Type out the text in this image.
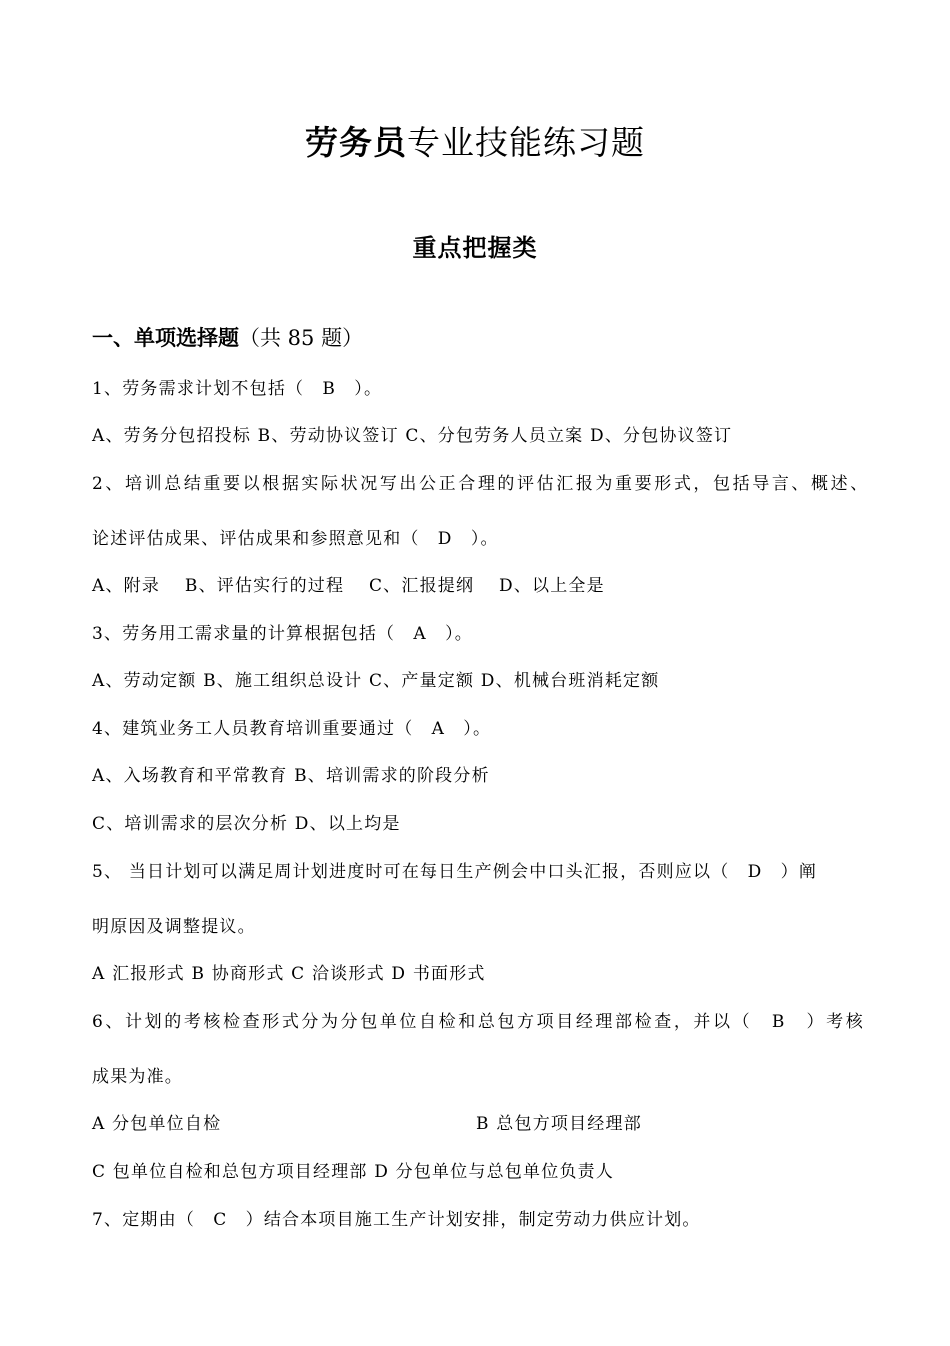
劳务员专业技能练习题
重点把握类
一、单项选择题（共 85 题）
1、劳务需求计划不包括（　B　）。
A、劳务分包招投标 B、劳动协议签订 C、分包劳务人员立案 D、分包协议签订
2、培训总结重要以根据实际状况写出公正合理的评估汇报为重要形式，包括导言、概述、
论述评估成果、评估成果和参照意见和（　D　）。
A、附录　 B、评估实行的过程　 C、汇报提纲　 D、以上全是
3、劳务用工需求量的计算根据包括（　A　）。
A、劳动定额 B、施工组织总设计 C、产量定额 D、机械台班消耗定额
4、建筑业务工人员教育培训重要通过（　A　）。
A、入场教育和平常教育 B、培训需求的阶段分析
C、培训需求的层次分析 D、以上均是
5、 当日计划可以满足周计划进度时可在每日生产例会中口头汇报，否则应以（　D　）阐
明原因及调整提议。
A 汇报形式 B 协商形式 C 洽谈形式 D 书面形式
6、计划的考核检查形式分为分包单位自检和总包方项目经理部检查，并以（　B　）考核
成果为准。
A 分包单位自检	B 总包方项目经理部
C 包单位自检和总包方项目经理部 D 分包单位与总包单位负责人
7、定期由（　C　）结合本项目施工生产计划安排，制定劳动力供应计划。
